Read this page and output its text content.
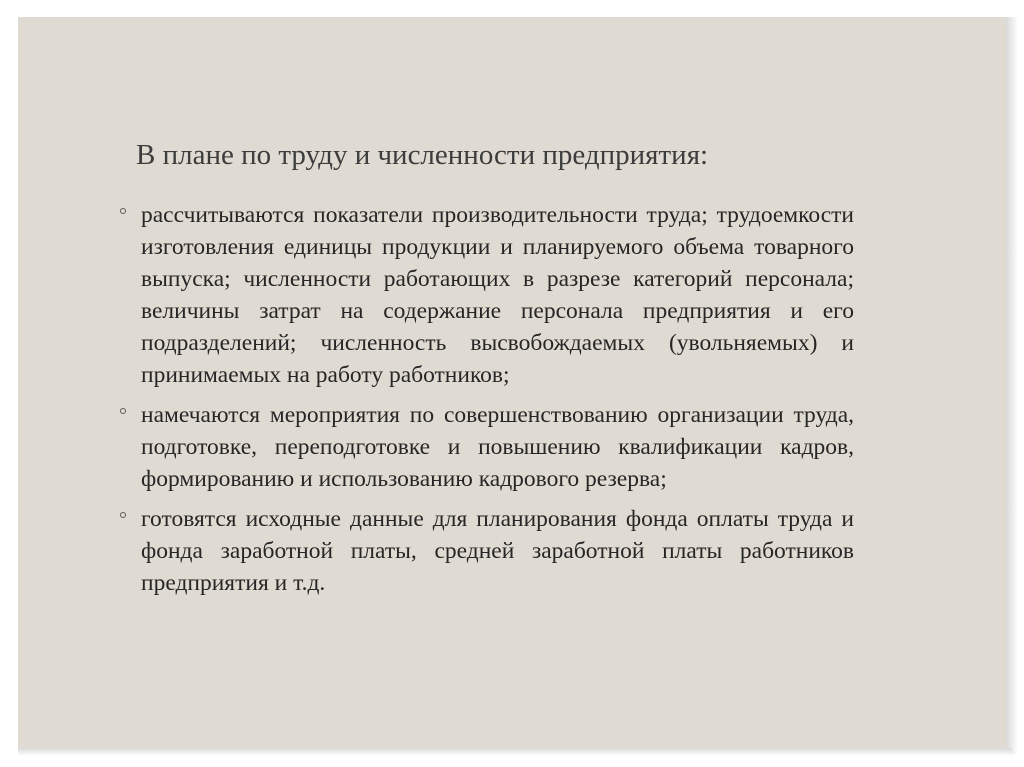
В плане по труду и численности предприятия:
рассчитываются показатели производительности труда; трудоемкости изготовления единицы продукции и планируемого объема товарного выпуска; численности работающих в разрезе категорий персонала; величины затрат на содержание персонала предприятия и его подразделений; численность высвобождаемых (увольняемых) и принимаемых на работу работников;
намечаются мероприятия по совершенствованию организации труда, подготовке, переподготовке и повышению квалификации кадров, формированию и использованию кадрового резерва;
готовятся исходные данные для планирования фонда оплаты труда и фонда заработной платы, средней заработной платы работников предприятия и т.д.
